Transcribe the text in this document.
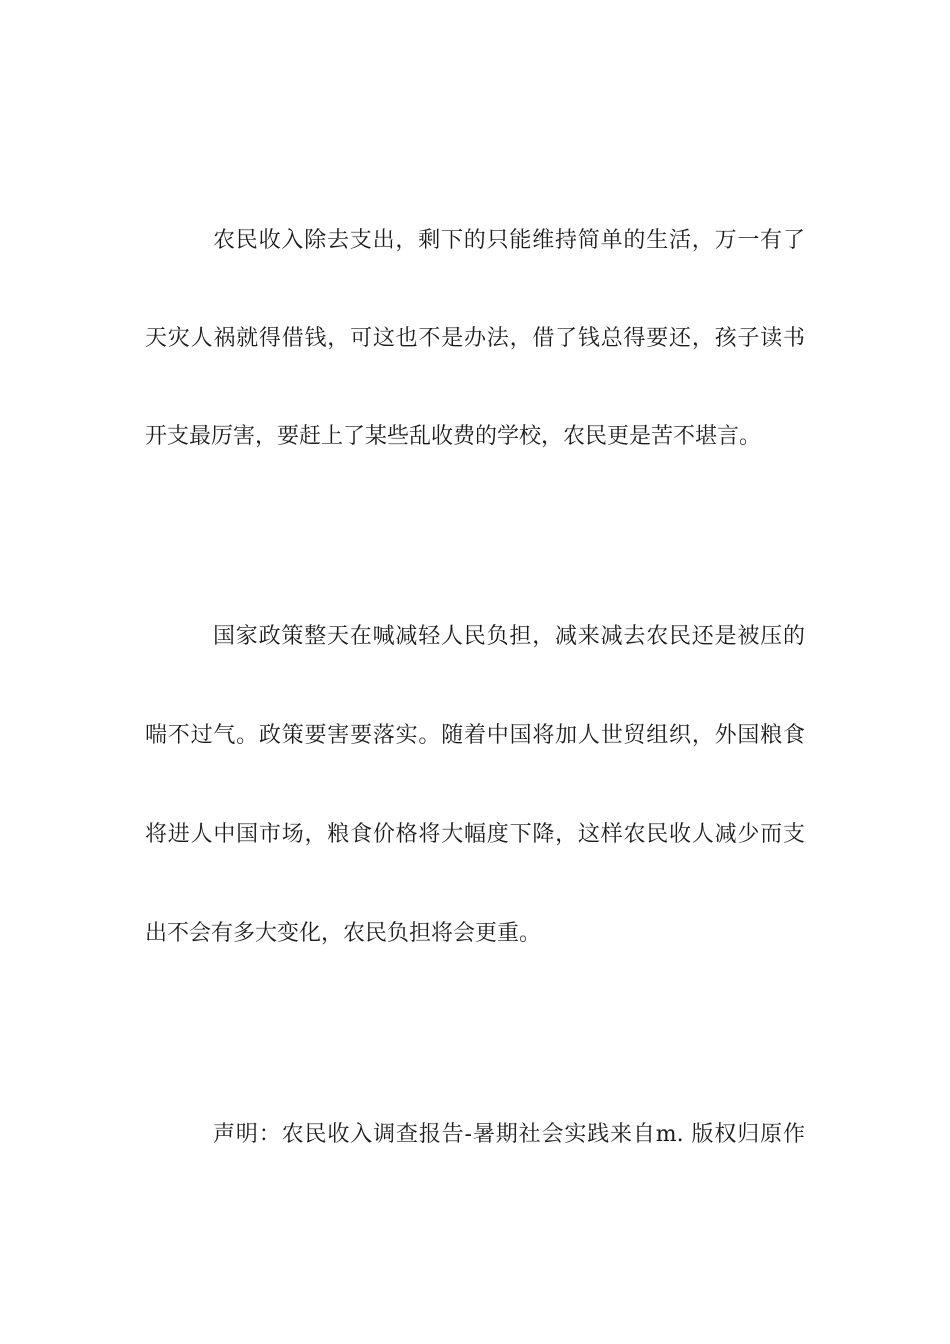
农民收入除去支出，剩下的只能维持简单的生活，万一有了
天灾人祸就得借钱，可这也不是办法，借了钱总得要还，孩子读书
开支最厉害，要赶上了某些乱收费的学校，农民更是苦不堪言。
国家政策整天在喊减轻人民负担，减来减去农民还是被压的
喘不过气。政策要害要落实。随着中国将加人世贸组织，外国粮食
将进人中国市场，粮食价格将大幅度下降，这样农民收人减少而支
出不会有多大变化，农民负担将会更重。
声明：农民收入调查报告-暑期社会实践来自m. 版权归原作
